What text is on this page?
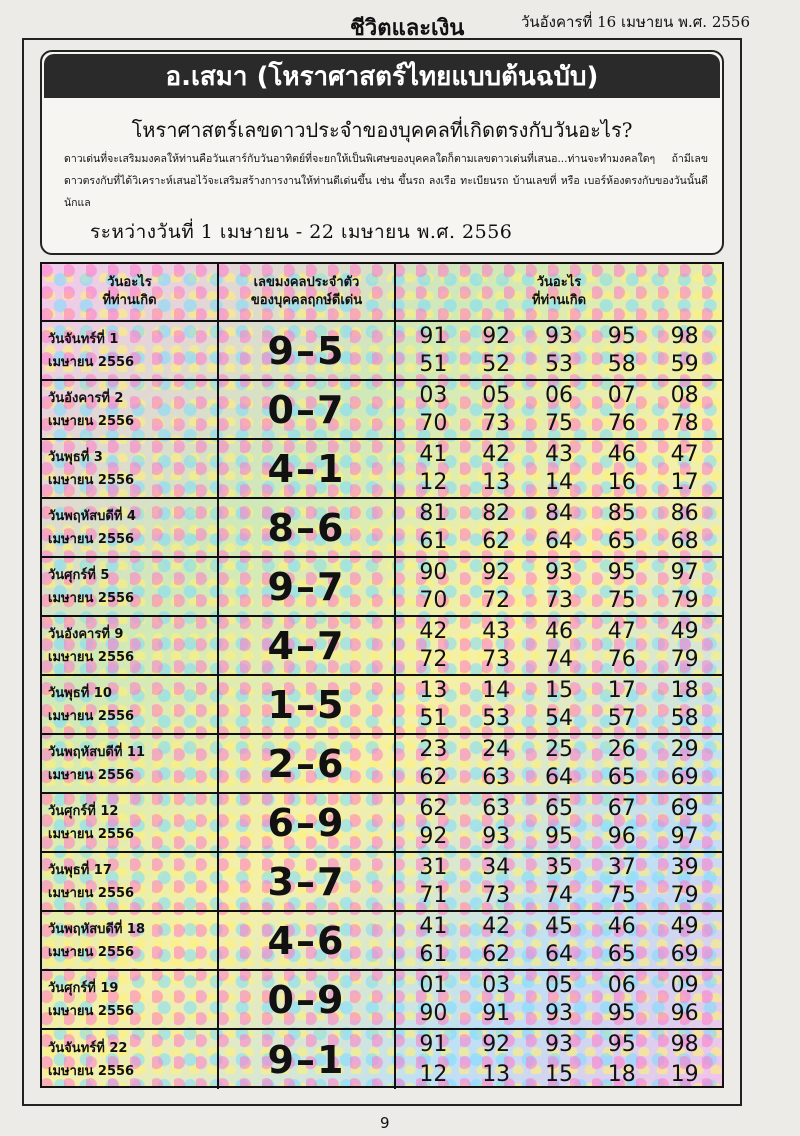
ชีวิตและเงิน	วันอังคารที่ 16 เมษายน พ.ศ. 2556
อ.เสมา (โหราศาสตร์ไทยแบบต้นฉบับ)
โหราศาสตร์เลขดาวประจำของบุคคลที่เกิดตรงกับวันอะไร?
ดาวเด่นที่จะเสริมมงคลให้ท่านคือวันเสาร์กับวันอาทิตย์ที่จะยกให้เป็นพิเศษของบุคคลใดก็ตามเลขดาวเด่นที่เสนอ...ท่านจะทำมงคลใดๆ ถ้ามีเลขดาวตรงกับที่ได้วิเคราะห์เสนอไว้จะเสริมสร้างการงานให้ท่านดีเด่นขึ้น เช่น ขึ้นรถ ลงเรือ ทะเบียนรถ บ้านเลขที่ หรือ เบอร์ห้องตรงกับของวันนั้นดีนักแล
ระหว่างวันที่ 1 เมษายน - 22 เมษายน พ.ศ. 2556
วันอะไร
ที่ท่านเกิด
เลขมงคลประจำตัว
ของบุคคลฤกษ์ดีเด่น
วันอะไร
ที่ท่านเกิด
วันจันทร์ที่ 1
เมษายน 2556	9–5	91 92 93 95 98
51 52 53 58 59
วันอังคารที่ 2
เมษายน 2556	0–7	03 05 06 07 08
70 73 75 76 78
วันพุธที่ 3
เมษายน 2556	4–1	41 42 43 46 47
12 13 14 16 17
วันพฤหัสบดีที่ 4
เมษายน 2556	8–6	81 82 84 85 86
61 62 64 65 68
วันศุกร์ที่ 5
เมษายน 2556	9–7	90 92 93 95 97
70 72 73 75 79
วันอังคารที่ 9
เมษายน 2556	4–7	42 43 46 47 49
72 73 74 76 79
วันพุธที่ 10
เมษายน 2556	1–5	13 14 15 17 18
51 53 54 57 58
วันพฤหัสบดีที่ 11
เมษายน 2556	2–6	23 24 25 26 29
62 63 64 65 69
วันศุกร์ที่ 12
เมษายน 2556	6–9	62 63 65 67 69
92 93 95 96 97
วันพุธที่ 17
เมษายน 2556	3–7	31 34 35 37 39
71 73 74 75 79
วันพฤหัสบดีที่ 18
เมษายน 2556	4–6	41 42 45 46 49
61 62 64 65 69
วันศุกร์ที่ 19
เมษายน 2556	0–9	01 03 05 06 09
90 91 93 95 96
วันจันทร์ที่ 22
เมษายน 2556	9–1	91 92 93 95 98
12 13 15 18 19
9
